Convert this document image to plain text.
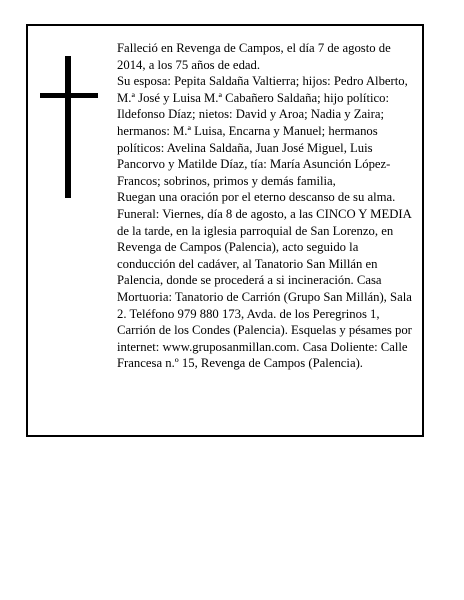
Falleció en Revenga de Campos, el día 7 de agosto de 2014, a los 75 años de edad.
Su esposa: Pepita Saldaña Valtierra; hijos: Pedro Alberto, M.ª José y Luisa M.ª Cabañero Saldaña; hijo político: Ildefonso Díaz; nietos: David y Aroa; Nadia y Zaira; hermanos: M.ª Luisa, Encarna y Manuel; hermanos políticos: Avelina Saldaña, Juan José Miguel, Luis Pancorvo y Matilde Díaz, tía: María Asunción López-Francos; sobrinos, primos y demás familia,
Ruegan una oración por el eterno descanso de su alma.
Funeral: Viernes, día 8 de agosto, a las CINCO Y MEDIA de la tarde, en la iglesia parroquial de San Lorenzo, en Revenga de Campos (Palencia), acto seguido la conducción del cadáver, al Tanatorio San Millán en Palencia, donde se procederá a si incineración. Casa Mortuoria: Tanatorio de Carrión (Grupo San Millán), Sala 2. Teléfono 979 880 173, Avda. de los Peregrinos 1, Carrión de los Condes (Palencia). Esquelas y pésames por internet: www.gruposanmillan.com. Casa Doliente: Calle Francesa n.º 15, Revenga de Campos (Palencia).
